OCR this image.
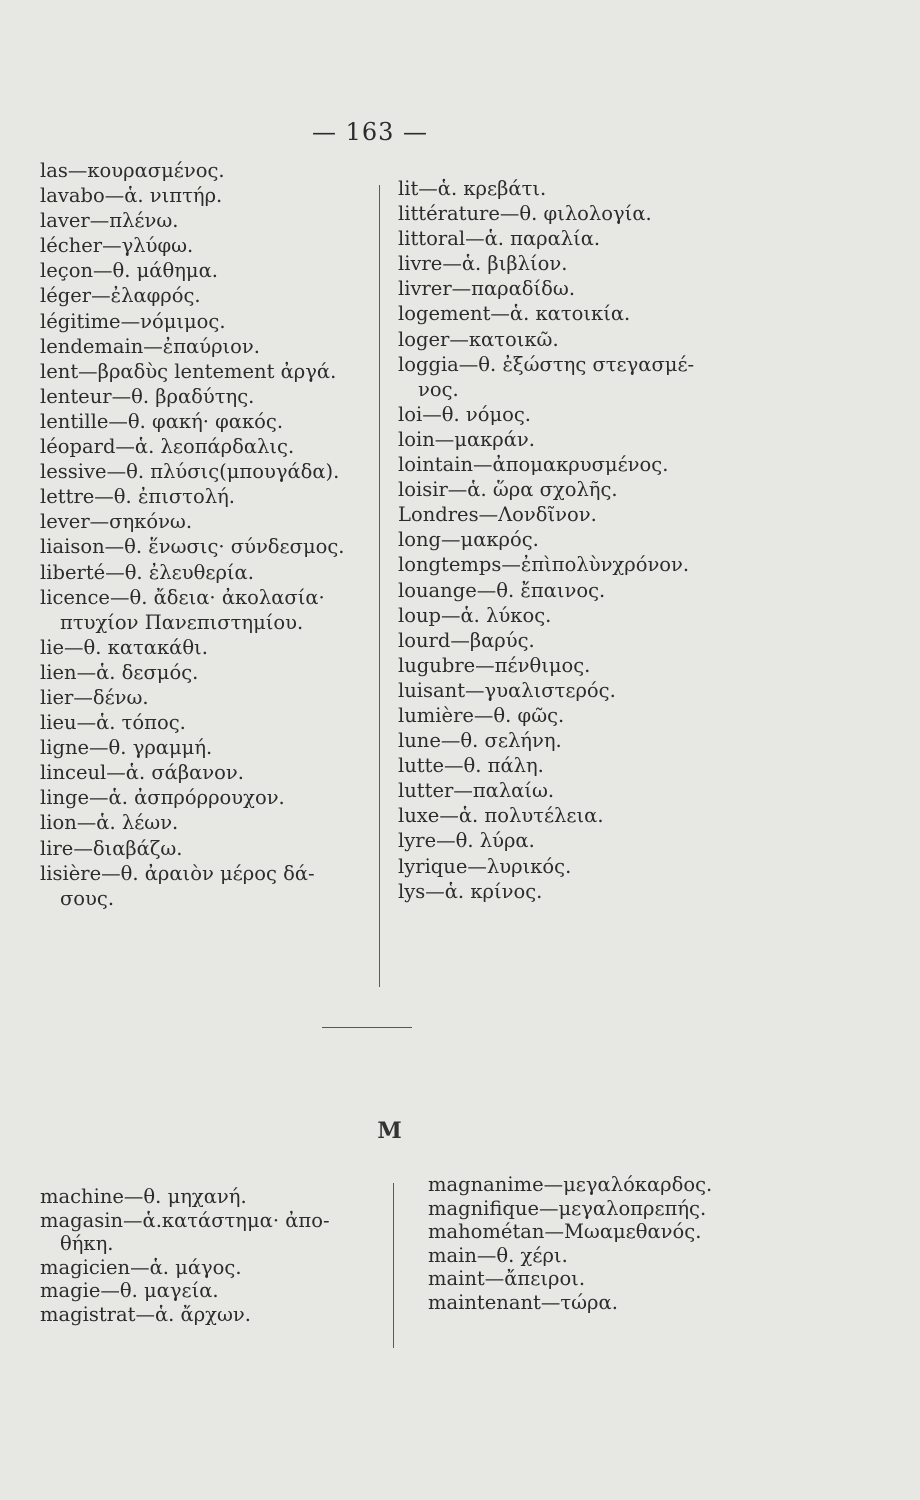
— 163 —
las—κουρασμένος.
lavabo—ἁ. νιπτήρ.
laver—πλένω.
lécher—γλύφω.
leçon—θ. μάθημα.
léger—ἐλαφρός.
légitime—νόμιμος.
lendemain—ἐπαύριον.
lent—βραδὺς lentement ἀργά.
lenteur—θ. βραδύτης.
lentille—θ. φακή· φακός.
léopard—ἁ. λεοπάρδαλις.
lessive—θ. πλύσις(μπουγάδα).
lettre—θ. ἐπιστολή.
lever—σηκόνω.
liaison—θ. ἕνωσις· σύνδεσμος.
liberté—θ. ἐλευθερία.
licence—θ. ἄδεια· ἀκολασία·
πτυχίον Πανεπιστημίου.
lie—θ. κατακάθι.
lien—ἁ. δεσμός.
lier—δένω.
lieu—ἁ. τόπος.
ligne—θ. γραμμή.
linceul—ἁ. σάβανον.
linge—ἁ. ἀσπρόρρουχον.
lion—ἁ. λέων.
lire—διαβάζω.
lisière—θ. ἀραιὸν μέρος δά-
σους.
lit—ἁ. κρεβάτι.
littérature—θ. φιλολογία.
littoral—ἁ. παραλία.
livre—ἁ. βιβλίον.
livrer—παραδίδω.
logement—ἁ. κατοικία.
loger—κατοικῶ.
loggia—θ. ἐξώστης στεγασμέ-
νος.
loi—θ. νόμος.
loin—μακράν.
lointain—ἀπομακρυσμένος.
loisir—ἁ. ὥρα σχολῆς.
Londres—Λονδῖνον.
long—μακρός.
longtemps—ἐπὶπολὺνχρόνον.
louange—θ. ἔπαινος.
loup—ἁ. λύκος.
lourd—βαρύς.
lugubre—πένθιμος.
luisant—γυαλιστερός.
lumière—θ. φῶς.
lune—θ. σελήνη.
lutte—θ. πάλη.
lutter—παλαίω.
luxe—ἁ. πολυτέλεια.
lyre—θ. λύρα.
lyrique—λυρικός.
lys—ἁ. κρίνος.
M
machine—θ. μηχανή.
magasin—ἁ.κατάστημα· ἀπο-
θήκη.
magicien—ἁ. μάγος.
magie—θ. μαγεία.
magistrat—ἁ. ἄρχων.
magnanime—μεγαλόκαρδος.
magnifique—μεγαλοπρεπής.
mahométan—Μωαμεθανός.
main—θ. χέρι.
maint—ἄπειροι.
maintenant—τώρα.
